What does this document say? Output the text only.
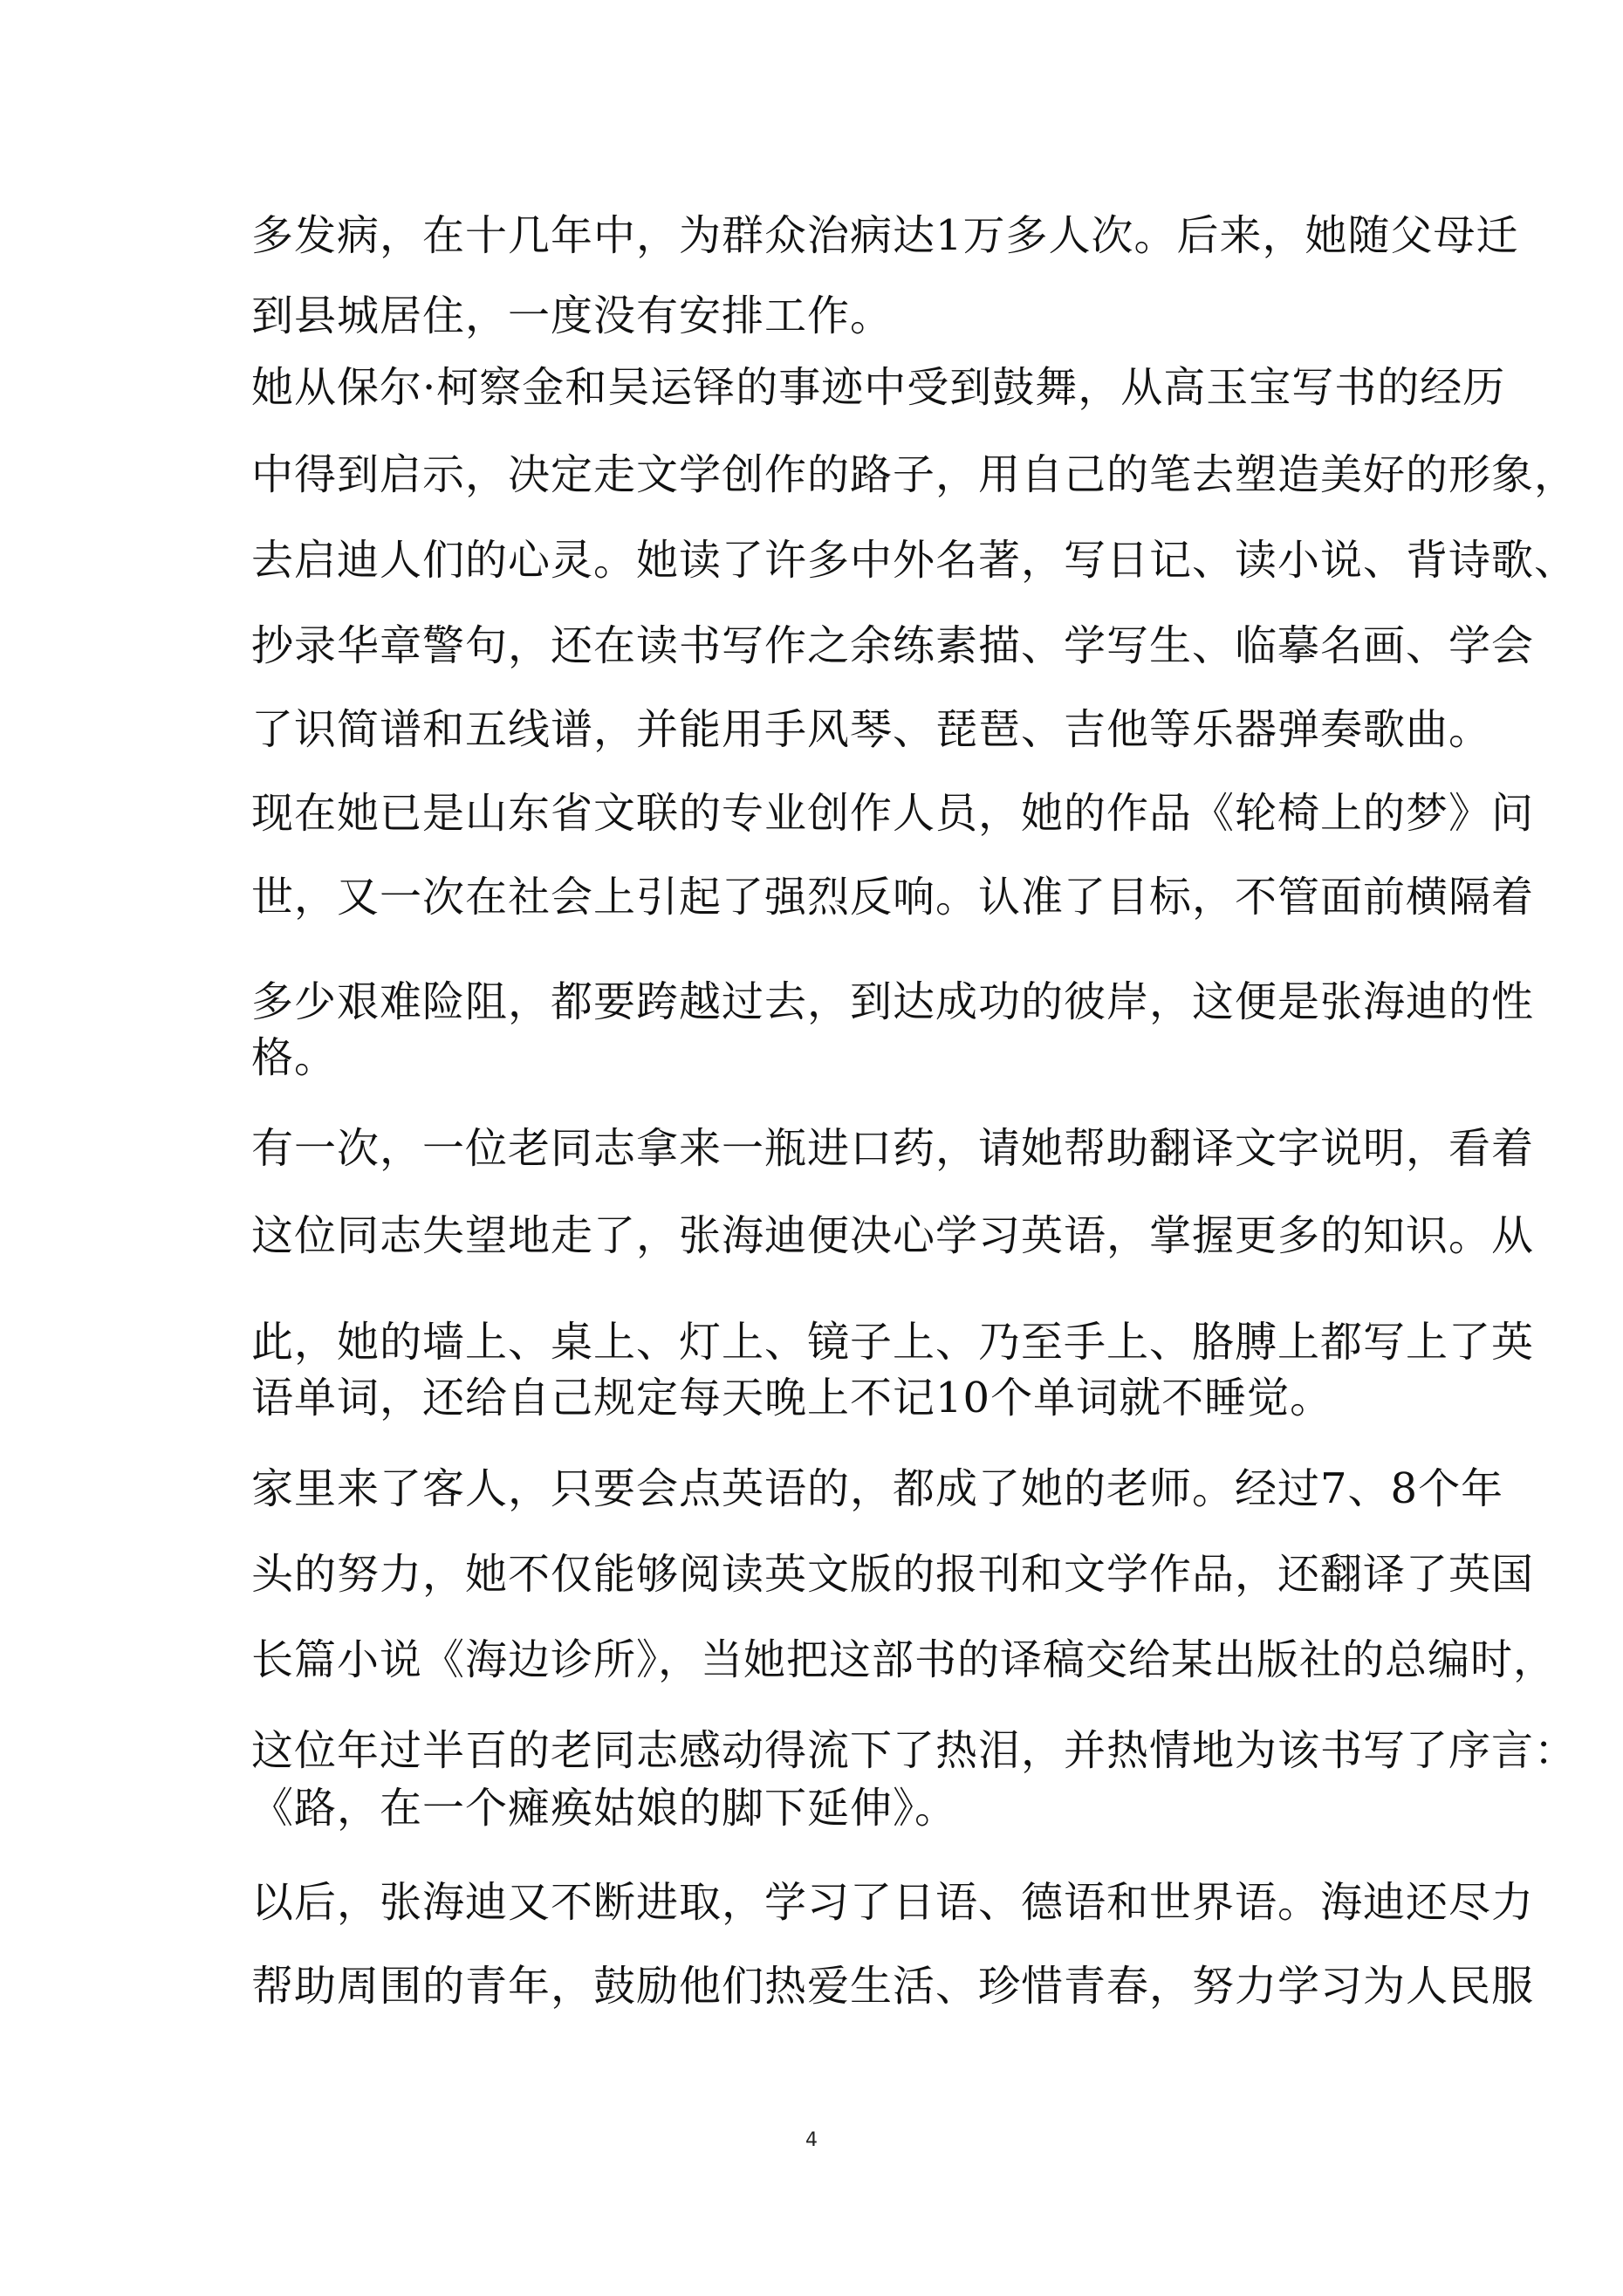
多发病，在十几年中，为群众治病达1万多人次。后来，她随父母迁
到县城居住，一度没有安排工作。
她从保尔·柯察金和吴运铎的事迹中受到鼓舞，从高玉宝写书的经历
中得到启示，决定走文学创作的路子，用自己的笔去塑造美好的形象，
去启迪人们的心灵。她读了许多中外名著，写日记、读小说、背诗歌、
抄录华章警句，还在读书写作之余练素描、学写生、临摹名画、学会
了识简谱和五线谱，并能用手风琴、琵琶、吉他等乐器弹奏歌曲。
现在她已是山东省文联的专业创作人员，她的作品《轮椅上的梦》问
世，又一次在社会上引起了强烈反响。认准了目标，不管面前横隔着
多少艰难险阻，都要跨越过去，到达成功的彼岸，这便是张海迪的性
格。
有一次，一位老同志拿来一瓶进口药，请她帮助翻译文字说明，看着
这位同志失望地走了，张海迪便决心学习英语，掌握更多的知识。从
此，她的墙上、桌上、灯上、镜子上、乃至手上、胳膊上都写上了英
语单词，还给自己规定每天晚上不记10个单词就不睡觉。
家里来了客人，只要会点英语的，都成了她的老师。经过7、8个年
头的努力，她不仅能够阅读英文版的报刊和文学作品，还翻译了英国
长篇小说《海边诊所》，当她把这部书的译稿交给某出版社的总编时，
这位年过半百的老同志感动得流下了热泪，并热情地为该书写了序言：
《路，在一个瘫痪姑娘的脚下延伸》。
以后，张海迪又不断进取，学习了日语、德语和世界语。海迪还尽力
帮助周围的青年，鼓励他们热爱生活、珍惜青春，努力学习为人民服
4
